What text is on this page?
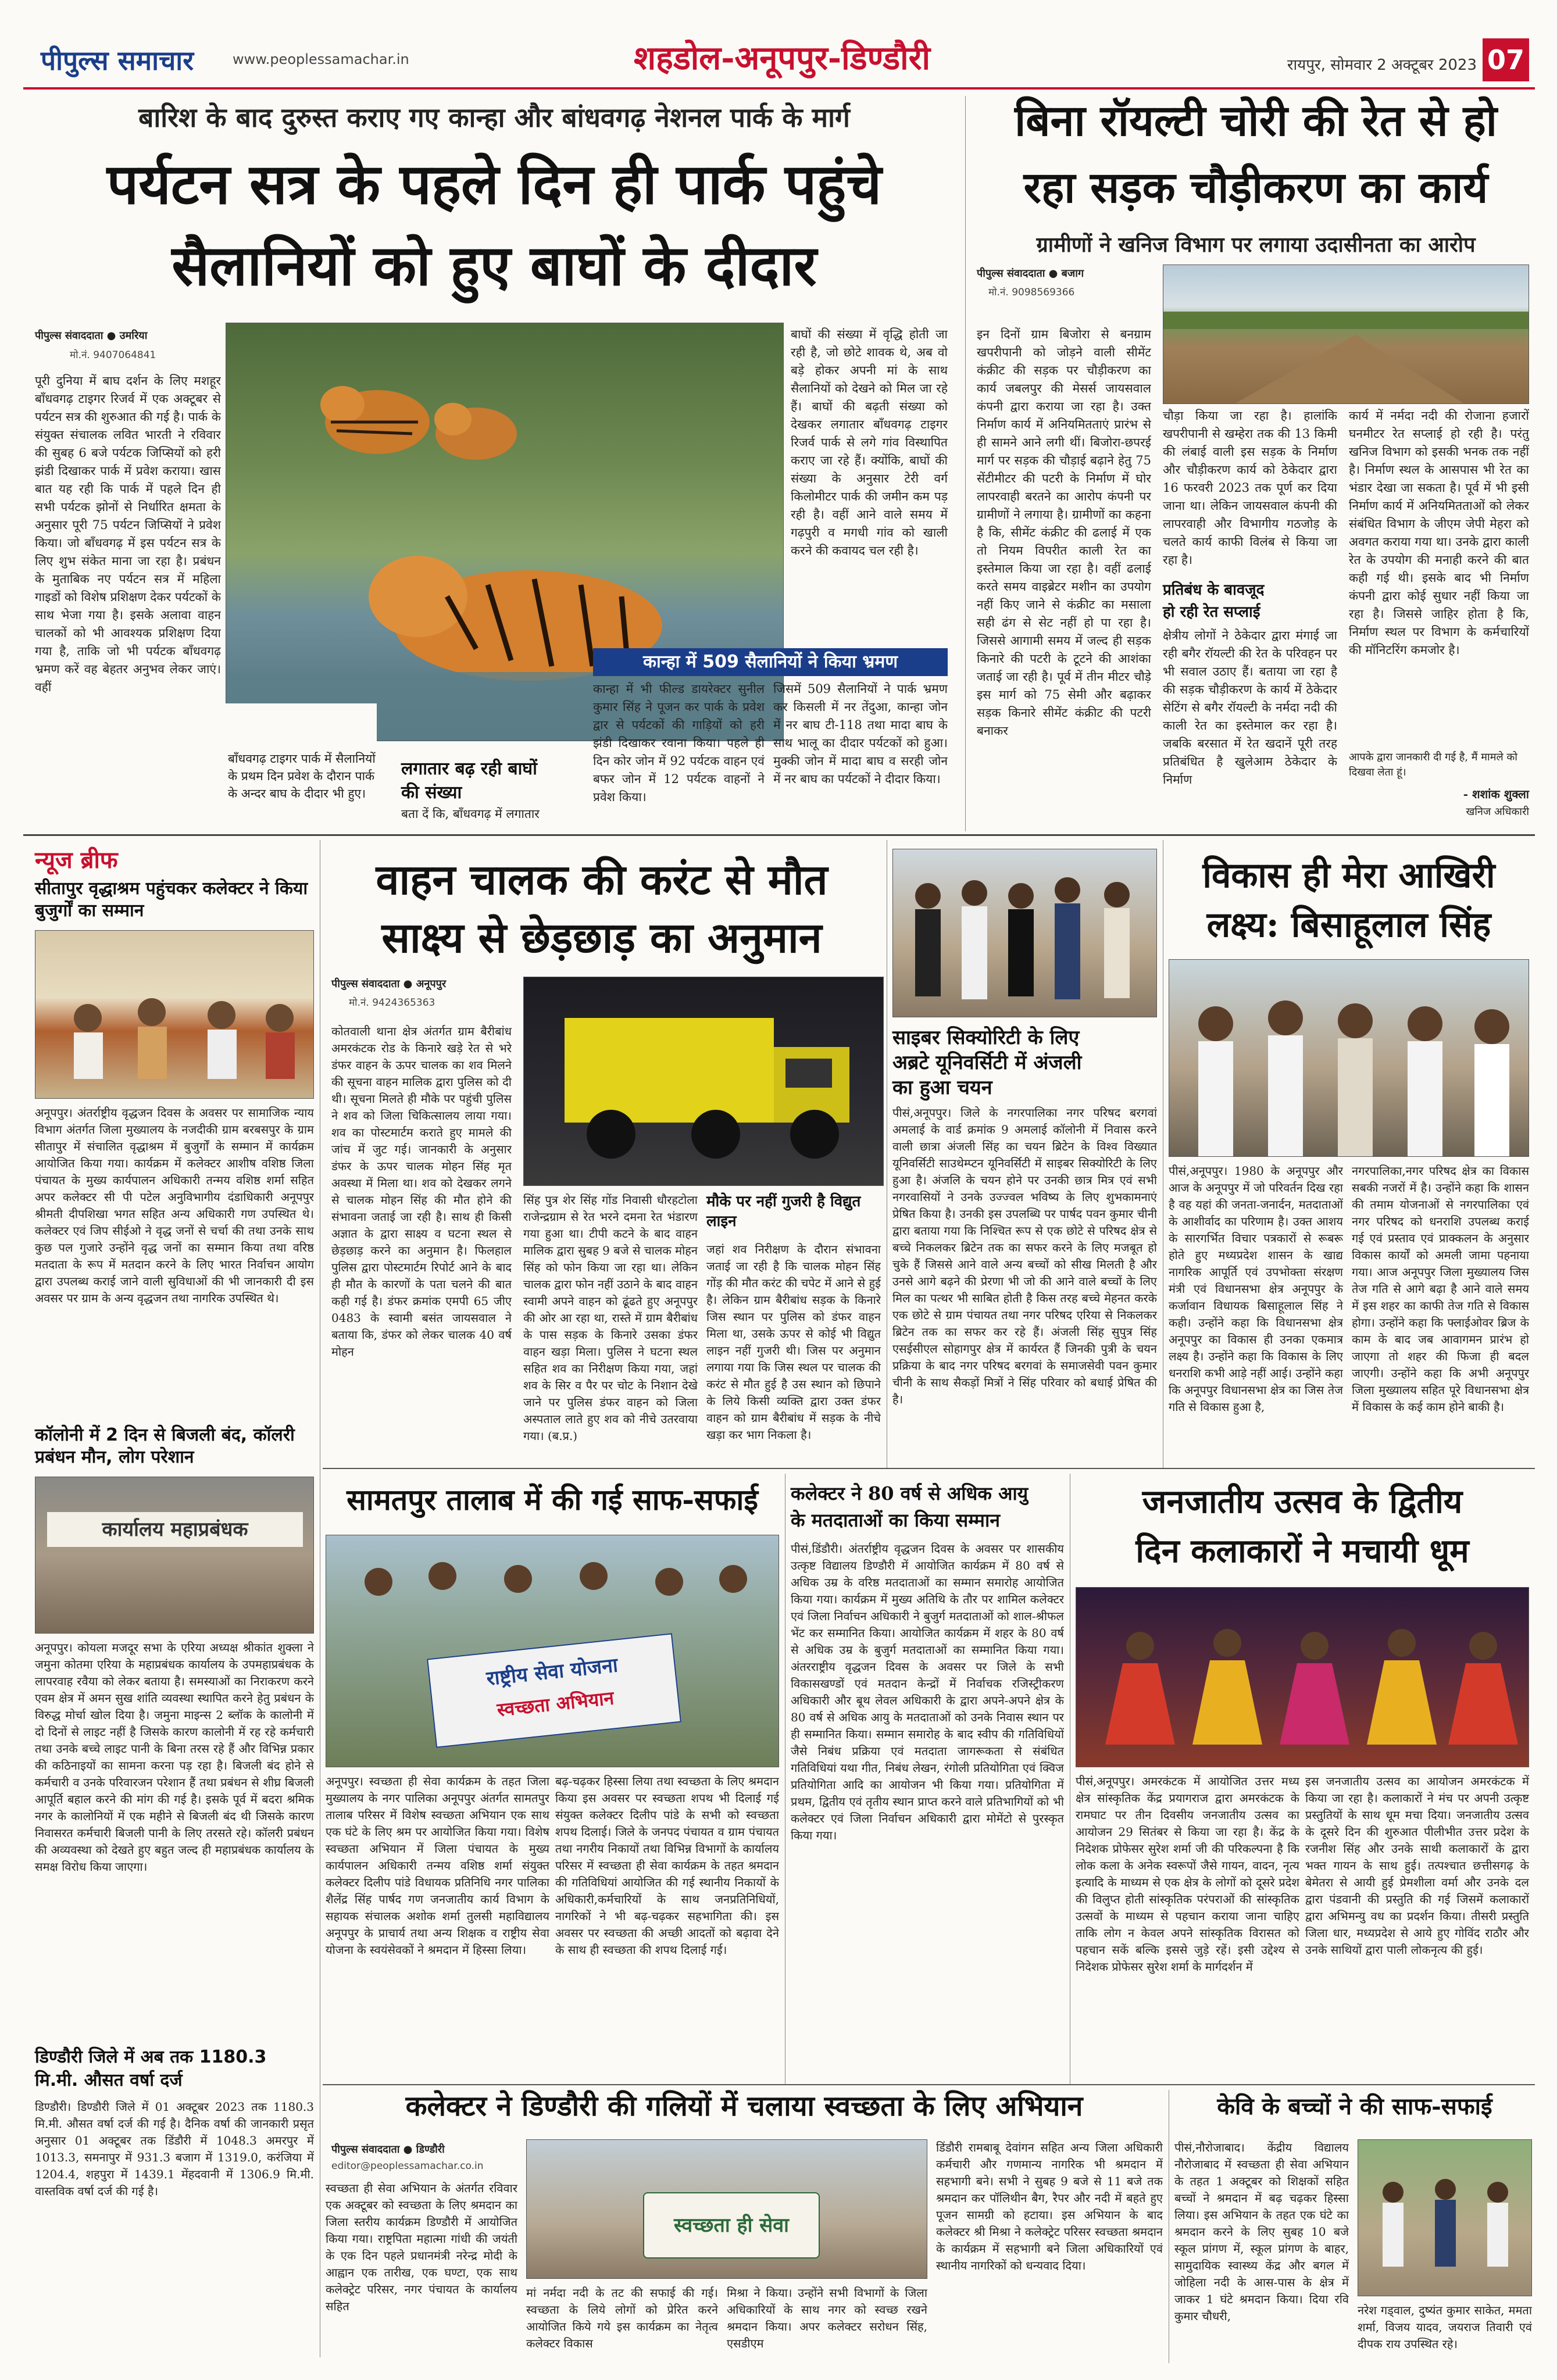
पीपुल्स समाचार	www.peoplessamachar.in	शहडोल-अनूपपुर-डिण्डौरी	रायपुर, सोमवार 2 अक्टूबर 2023 07
बारिश के बाद दुरुस्त कराए गए कान्हा और बांधवगढ़ नेशनल पार्क के मार्ग
पर्यटन सत्र के पहले दिन ही पार्क पहुंचे
सैलानियों को हुए बाघों के दीदार
पीपुल्स संवाददाता ● उमरिया
मो.नं. 9407064841
पूरी दुनिया में बाघ दर्शन के लिए मशहूर बाँधवगढ़ टाइगर रिजर्व में एक अक्टूबर से पर्यटन सत्र की शुरुआत की गई है। पार्क के संयुक्त संचालक लवित भारती ने रविवार की सुबह 6 बजे पर्यटक जिप्सियों को हरी झंडी दिखाकर पार्क में प्रवेश कराया। खास बात यह रही कि पार्क में पहले दिन ही सभी पर्यटक झोनों से निर्धारित क्षमता के अनुसार पूरी 75 पर्यटन जिप्सियों ने प्रवेश किया। जो बाँधवगढ़ में इस पर्यटन सत्र के लिए शुभ संकेत माना जा रहा है। प्रबंधन के मुताबिक नए पर्यटन सत्र में महिला गाइडों को विशेष प्रशिक्षण देकर पर्यटकों के साथ भेजा गया है। इसके अलावा वाहन चालकों को भी आवश्यक प्रशिक्षण दिया गया है, ताकि जो भी पर्यटक बाँधवगढ़ भ्रमण करें वह बेहतर अनुभव लेकर जाएं। वहीं
बाँधवगढ़ टाइगर पार्क में सैलानियों के प्रथम दिन प्रवेश के दौरान पार्क के अन्दर बाघ के दीदार भी हुए।
लगातार बढ़ रही बाघों की संख्या
बता दें कि, बाँधवगढ़ में लगातार
बाघों की संख्या में वृद्धि होती जा रही है, जो छोटे शावक थे, अब वो बड़े होकर अपनी मां के साथ सैलानियों को देखने को मिल जा रहे हैं। बाघों की बढ़ती संख्या को देखकर लगातार बाँधवगढ़ टाइगर रिजर्व पार्क से लगे गांव विस्थापित कराए जा रहे हैं। क्योंकि, बाघों की संख्या के अनुसार टेरी वर्ग किलोमीटर पार्क की जमीन कम पड़ रही है। वहीं आने वाले समय में गढ़पुरी व मगधी गांव को खाली करने की कवायद चल रही है।
कान्हा में 509 सैलानियों ने किया भ्रमण
कान्हा में भी फील्ड डायरेक्टर सुनील कुमार सिंह ने पूजन कर पार्क के प्रवेश द्वार से पर्यटकों की गाड़ियों को हरी झंडी दिखाकर रवाना किया। पहले ही दिन कोर जोन में 92 पर्यटक वाहन एवं बफर जोन में 12 पर्यटक वाहनों ने प्रवेश किया।
जिसमें 509 सैलानियों ने पार्क भ्रमण कर किसली में नर तेंदुआ, कान्हा जोन में नर बाघ टी-118 तथा मादा बाघ के साथ भालू का दीदार पर्यटकों को हुआ। मुक्की जोन में मादा बाघ व सरही जोन में नर बाघ का पर्यटकों ने दीदार किया।
बिना रॉयल्टी चोरी की रेत से हो
रहा सड़क चौड़ीकरण का कार्य
ग्रामीणों ने खनिज विभाग पर लगाया उदासीनता का आरोप
पीपुल्स संवाददाता ● बजाग
मो.नं. 9098569366
इन दिनों ग्राम बिजोरा से बनग्राम खपरीपानी को जोड़ने वाली सीमेंट कंक्रीट की सड़क पर चौड़ीकरण का कार्य जबलपुर की मेसर्स जायसवाल कंपनी द्वारा कराया जा रहा है। उक्त निर्माण कार्य में अनियमितताएं प्रारंभ से ही सामने आने लगी थीं। बिजोरा-छपरई मार्ग पर सड़क की चौड़ाई बढ़ाने हेतु 75 सेंटीमीटर की पटरी के निर्माण में घोर लापरवाही बरतने का आरोप कंपनी पर ग्रामीणों ने लगाया है। ग्रामीणों का कहना है कि, सीमेंट कंक्रीट की ढलाई में एक तो नियम विपरीत काली रेत का इस्तेमाल किया जा रहा है। वहीं ढलाई करते समय वाइब्रेटर मशीन का उपयोग नहीं किए जाने से कंक्रीट का मसाला सही ढंग से सेट नहीं हो पा रहा है। जिससे आगामी समय में जल्द ही सड़क किनारे की पटरी के टूटने की आशंका जताई जा रही है। पूर्व में तीन मीटर चौड़े इस मार्ग को 75 सेमी और बढ़ाकर सड़क किनारे सीमेंट कंक्रीट की पटरी बनाकर
चौड़ा किया जा रहा है। हालांकि खपरीपानी से खम्हेरा तक की 13 किमी की लंबाई वाली इस सड़क के निर्माण और चौड़ीकरण कार्य को ठेकेदार द्वारा 16 फरवरी 2023 तक पूर्ण कर दिया जाना था। लेकिन जायसवाल कंपनी की लापरवाही और विभागीय गठजोड़ के चलते कार्य काफी विलंब से किया जा रहा है।
प्रतिबंध के बावजूद
हो रही रेत सप्लाई
क्षेत्रीय लोगों ने ठेकेदार द्वारा मंगाई जा रही बगैर रॉयल्टी की रेत के परिवहन पर भी सवाल उठाए हैं। बताया जा रहा है की सड़क चौड़ीकरण के कार्य में ठेकेदार सेटिंग से बगैर रॉयल्टी के नर्मदा नदी की काली रेत का इस्तेमाल कर रहा है। जबकि बरसात में रेत खदानें पूरी तरह प्रतिबंधित है खुलेआम ठेकेदार के निर्माण
कार्य में नर्मदा नदी की रोजाना हजारों घनमीटर रेत सप्लाई हो रही है। परंतु खनिज विभाग को इसकी भनक तक नहीं है। निर्माण स्थल के आसपास भी रेत का भंडार देखा जा सकता है। पूर्व में भी इसी निर्माण कार्य में अनियमितताओं को लेकर संबंधित विभाग के जीएम जेपी मेहरा को अवगत कराया गया था। उनके द्वारा काली रेत के उपयोग की मनाही करने की बात कही गई थी। इसके बाद भी निर्माण कंपनी द्वारा कोई सुधार नहीं किया जा रहा है। जिससे जाहिर होता है कि, निर्माण स्थल पर विभाग के कर्मचारियों की मॉनिटरिंग कमजोर है।
आपके द्वारा जानकारी दी गई है, मैं मामले को दिखवा लेता हूं।
- शशांक शुक्ला
खनिज अधिकारी
न्यूज ब्रीफ
सीतापुर वृद्धाश्रम पहुंचकर कलेक्टर ने किया बुजुर्गों का सम्मान
अनूपपुर। अंतर्राष्ट्रीय वृद्धजन दिवस के अवसर पर सामाजिक न्याय विभाग अंतर्गत जिला मुख्यालय के नजदीकी ग्राम बरबसपुर के ग्राम सीतापुर में संचालित वृद्धाश्रम में बुजुर्गों के सम्मान में कार्यक्रम आयोजित किया गया। कार्यक्रम में कलेक्टर आशीष वशिष्ठ जिला पंचायत के मुख्य कार्यपालन अधिकारी तन्मय वशिष्ठ शर्मा सहित अपर कलेक्टर सी पी पटेल अनुविभागीय दंडाधिकारी अनूपपुर श्रीमती दीपशिखा भगत सहित अन्य अधिकारी गण उपस्थित थे। कलेक्टर एवं जिप सीईओ ने वृद्ध जनों से चर्चा की तथा उनके साथ कुछ पल गुजारे उन्होंने वृद्ध जनों का सम्मान किया तथा वरिष्ठ मतदाता के रूप में मतदान करने के लिए भारत निर्वाचन आयोग द्वारा उपलब्ध कराई जाने वाली सुविधाओं की भी जानकारी दी इस अवसर पर ग्राम के अन्य वृद्धजन तथा नागरिक उपस्थित थे।
कॉलोनी में 2 दिन से बिजली बंद, कॉलरी प्रबंधन मौन, लोग परेशान
कार्यालय महाप्रबंधक
अनूपपुर। कोयला मजदूर सभा के एरिया अध्यक्ष श्रीकांत शुक्ला ने जमुना कोतमा एरिया के महाप्रबंधक कार्यालय के उपमहाप्रबंधक के लापरवाह रवैया को लेकर बताया है। समस्याओं का निराकरण करने एवम क्षेत्र में अमन सुख शांति व्यवस्था स्थापित करने हेतु प्रबंधन के विरुद्ध मोर्चा खोल दिया है। जमुना माइन्स 2 ब्लॉक के कालोनी में दो दिनों से लाइट नहीं है जिसके कारण कालोनी में रह रहे कर्मचारी तथा उनके बच्चे लाइट पानी के बिना तरस रहे हैं और विभिन्न प्रकार की कठिनाइयों का सामना करना पड़ रहा है। बिजली बंद होने से कर्मचारी व उनके परिवारजन परेशान हैं तथा प्रबंधन से शीघ्र बिजली आपूर्ति बहाल करने की मांग की गई है। इसके पूर्व में बदरा श्रमिक नगर के कालोनियों में एक महीने से बिजली बंद थी जिसके कारण निवासरत कर्मचारी बिजली पानी के लिए तरसते रहे। कॉलरी प्रबंधन की अव्यवस्था को देखते हुए बहुत जल्द ही महाप्रबंधक कार्यालय के समक्ष विरोध किया जाएगा।
डिण्डौरी जिले में अब तक 1180.3
मि.मी. औसत वर्षा दर्ज
डिण्डौरी। डिण्डौरी जिले में 01 अक्टूबर 2023 तक 1180.3 मि.मी. औसत वर्षा दर्ज की गई है। दैनिक वर्षा की जानकारी प्रसृत अनुसार 01 अक्टूबर तक डिंडौरी में 1048.3 अमरपुर में 1013.3, समनापुर में 931.3 बजाग में 1319.0, करंजिया में 1204.4, शहपुरा में 1439.1 मेंहदवानी में 1306.9 मि.मी. वास्तविक वर्षा दर्ज की गई है।
वाहन चालक की करंट से मौत
साक्ष्य से छेड़छाड़ का अनुमान
पीपुल्स संवाददाता ● अनूपपुर
मो.नं. 9424365363
कोतवाली थाना क्षेत्र अंतर्गत ग्राम बैरीबांध अमरकंटक रोड के किनारे खड़े रेत से भरे डंफर वाहन के ऊपर चालक का शव मिलने की सूचना वाहन मालिक द्वारा पुलिस को दी थी। सूचना मिलते ही मौके पर पहुंची पुलिस ने शव को जिला चिकित्सालय लाया गया। शव का पोस्टमार्टम कराते हुए मामले की जांच में जुट गई। जानकारी के अनुसार डंफर के ऊपर चालक मोहन सिंह मृत अवस्था में मिला था। शव को देखकर लगने से चालक मोहन सिंह की मौत होने की संभावना जताई जा रही है। साथ ही किसी अज्ञात के द्वारा साक्ष्य व घटना स्थल से छेड़छाड़ करने का अनुमान है। फिलहाल पुलिस द्वारा पोस्टमार्टम रिपोर्ट आने के बाद ही मौत के कारणों के पता चलने की बात कही गई है। डंफर क्रमांक एमपी 65 जीए 0483 के स्वामी बसंत जायसवाल ने बताया कि, डंफर को लेकर चालक 40 वर्ष मोहन
सिंह पुत्र शेर सिंह गोंड निवासी धौरहटोला राजेन्द्रग्राम से रेत भरने दमना रेत भंडारण गया हुआ था। टीपी कटने के बाद वाहन मालिक द्वारा सुबह 9 बजे से चालक मोहन सिंह को फोन किया जा रहा था। लेकिन चालक द्वारा फोन नहीं उठाने के बाद वाहन स्वामी अपने वाहन को ढूंढते हुए अनूपपुर की ओर आ रहा था, रास्ते में ग्राम बैरीबांध के पास सड़क के किनारे उसका डंफर वाहन खड़ा मिला। पुलिस ने घटना स्थल सहित शव का निरीक्षण किया गया, जहां शव के सिर व पैर पर चोट के निशान देखे जाने पर पुलिस डंफर वाहन को जिला अस्पताल लाते हुए शव को नीचे उतरवाया गया। (ब.प्र.)
मौके पर नहीं गुजरी है विद्युत लाइन
जहां शव निरीक्षण के दौरान संभावना जताई जा रही है कि चालक मोहन सिंह गोंड़ की मौत करंट की चपेट में आने से हुई है। लेकिन ग्राम बैरीबांध सड़क के किनारे जिस स्थान पर पुलिस को डंफर वाहन मिला था, उसके ऊपर से कोई भी विद्युत लाइन नहीं गुजरी थी। जिस पर अनुमान लगाया गया कि जिस स्थल पर चालक की करंट से मौत हुई है उस स्थान को छिपाने के लिये किसी व्यक्ति द्वारा उक्त डंफर वाहन को ग्राम बैरीबांध में सड़क के नीचे खड़ा कर भाग निकला है।
साइबर सिक्योरिटी के लिए
अब्रटे यूनिवर्सिटी में अंजली
का हुआ चयन
पीसं,अनूपपुर। जिले के नगरपालिका नगर परिषद बरगवां अमलाई के वार्ड क्रमांक 9 अमलाई कॉलोनी में निवास करने वाली छात्रा अंजली सिंह का चयन ब्रिटेन के विश्व विख्यात यूनिवर्सिटी साउथेम्प्टन यूनिवर्सिटी में साइबर सिक्योरिटी के लिए हुआ है। अंजलि के चयन होने पर उनकी छात्र मित्र एवं सभी नगरवासियों ने उनके उज्ज्वल भविष्य के लिए शुभकामनाएं प्रेषित किया है। उनकी इस उपलब्धि पर पार्षद पवन कुमार चीनी द्वारा बताया गया कि निश्चित रूप से एक छोटे से परिषद क्षेत्र से बच्चे निकलकर ब्रिटेन तक का सफर करने के लिए मजबूत हो चुके हैं जिससे आने वाले अन्य बच्चों को सीख मिलती है और उनसे आगे बढ़ने की प्रेरणा भी जो की आने वाले बच्चों के लिए मिल का पत्थर भी साबित होती है किस तरह बच्चे मेहनत करके एक छोटे से ग्राम पंचायत तथा नगर परिषद एरिया से निकलकर ब्रिटेन तक का सफर कर रहे हैं। अंजली सिंह सुपुत्र सिंह एसईसीएल सोहागपुर क्षेत्र में कार्यरत हैं जिनकी पुत्री के चयन प्रक्रिया के बाद नगर परिषद बरगवां के समाजसेवी पवन कुमार चीनी के साथ सैकड़ों मित्रों ने सिंह परिवार को बधाई प्रेषित की है।
विकास ही मेरा आखिरी
लक्ष्य: बिसाहूलाल सिंह
पीसं,अनूपपुर। 1980 के अनूपपुर और आज के अनूपपुर में जो परिवर्तन दिख रहा है वह यहां की जनता-जनार्दन, मतदाताओं के आशीर्वाद का परिणाम है। उक्त आशय के सारगर्भित विचार पत्रकारों से रूबरू होते हुए मध्यप्रदेश शासन के खाद्य नागरिक आपूर्ति एवं उपभोक्ता संरक्षण मंत्री एवं विधानसभा क्षेत्र अनूपपुर के कर्जावान विधायक बिसाहूलाल सिंह ने कही। उन्होंने कहा कि विधानसभा क्षेत्र अनूपपुर का विकास ही उनका एकमात्र लक्ष्य है। उन्होंने कहा कि विकास के लिए धनराशि कभी आड़े नहीं आई। उन्होंने कहा कि अनूपपुर विधानसभा क्षेत्र का जिस तेज गति से विकास हुआ है,
नगरपालिका,नगर परिषद क्षेत्र का विकास सबकी नजरों में है। उन्होंने कहा कि शासन की तमाम योजनाओं से नगरपालिका एवं नगर परिषद को धनराशि उपलब्ध कराई गई एवं प्रस्ताव एवं प्राक्कलन के अनुसार विकास कार्यों को अमली जामा पहनाया गया। आज अनूपपुर जिला मुख्यालय जिस तेज गति से आगे बढ़ा है आने वाले समय में इस शहर का काफी तेज गति से विकास होगा। उन्होंने कहा कि फ्लाईओवर ब्रिज के काम के बाद जब आवागमन प्रारंभ हो जाएगा तो शहर की फिजा ही बदल जाएगी। उन्होंने कहा कि अभी अनूपपुर जिला मुख्यालय सहित पूरे विधानसभा क्षेत्र में विकास के कई काम होने बाकी है।
सामतपुर तालाब में की गई साफ-सफाई
राष्ट्रीय सेवा योजना
स्वच्छता अभियान
अनूपपुर। स्वच्छता ही सेवा कार्यक्रम के तहत जिला मुख्यालय के नगर पालिका अनूपपुर अंतर्गत सामतपुर तालाब परिसर में विशेष स्वच्छता अभियान एक साथ एक घंटे के लिए श्रम पर आयोजित किया गया। विशेष स्वच्छता अभियान में जिला पंचायत के मुख्य कार्यपालन अधिकारी तन्मय वशिष्ठ शर्मा संयुक्त कलेक्टर दिलीप पांडे विधायक प्रतिनिधि नगर पालिका शैलेंद्र सिंह पार्षद गण जनजातीय कार्य विभाग के सहायक संचालक अशोक शर्मा तुलसी महाविद्यालय अनूपपुर के प्राचार्य तथा अन्य शिक्षक व राष्ट्रीय सेवा योजना के स्वयंसेवकों ने श्रमदान में हिस्सा लिया।
बढ़-चढ़कर हिस्सा लिया तथा स्वच्छता के लिए श्रमदान किया इस अवसर पर स्वच्छता शपथ भी दिलाई गई संयुक्त कलेक्टर दिलीप पांडे के सभी को स्वच्छता शपथ दिलाई। जिले के जनपद पंचायत व ग्राम पंचायत तथा नगरीय निकायों तथा विभिन्न विभागों के कार्यालय परिसर में स्वच्छता ही सेवा कार्यक्रम के तहत श्रमदान की गतिविधियां आयोजित की गई स्थानीय निकायों के अधिकारी,कर्मचारियों के साथ जनप्रतिनिधियों, नागरिकों ने भी बढ़-चढ़कर सहभागिता की। इस अवसर पर स्वच्छता की अच्छी आदतों को बढ़ावा देने के साथ ही स्वच्छता की शपथ दिलाई गई।
कलेक्टर ने 80 वर्ष से अधिक आयु
के मतदाताओं का किया सम्मान
पीसं,डिंडौरी। अंतर्राष्ट्रीय वृद्धजन दिवस के अवसर पर शासकीय उत्कृष्ट विद्यालय डिण्डौरी में आयोजित कार्यक्रम में 80 वर्ष से अधिक उम्र के वरिष्ठ मतदाताओं का सम्मान समारोह आयोजित किया गया। कार्यक्रम में मुख्य अतिथि के तौर पर शामिल कलेक्टर एवं जिला निर्वाचन अधिकारी ने बुजुर्ग मतदाताओं को शाल-श्रीफल भेंट कर सम्मानित किया। आयोजित कार्यक्रम में शहर के 80 वर्ष से अधिक उम्र के बुजुर्ग मतदाताओं का सम्मानित किया गया। अंतरराष्ट्रीय वृद्धजन दिवस के अवसर पर जिले के सभी विकासखण्डों एवं मतदान केन्द्रों में निर्वाचक रजिस्ट्रीकरण अधिकारी और बूथ लेवल अधिकारी के द्वारा अपने-अपने क्षेत्र के 80 वर्ष से अधिक आयु के मतदाताओं को उनके निवास स्थान पर ही सम्मानित किया। सम्मान समारोह के बाद स्वीप की गतिविधियों जैसे निबंध प्रक्रिया एवं मतदाता जागरूकता से संबंधित गतिविधियां यथा गीत, निबंध लेखन, रंगोली प्रतियोगिता एवं क्विज प्रतियोगिता आदि का आयोजन भी किया गया। प्रतियोगिता में प्रथम, द्वितीय एवं तृतीय स्थान प्राप्त करने वाले प्रतिभागियों को भी कलेक्टर एवं जिला निर्वाचन अधिकारी द्वारा मोमेंटो से पुरस्कृत किया गया।
जनजातीय उत्सव के द्वितीय
दिन कलाकारों ने मचायी धूम
पीसं,अनूपपुर। अमरकंटक में आयोजित उत्तर मध्य क्षेत्र सांस्कृतिक केंद्र प्रयागराज द्वारा अमरकंटक के रामघाट पर तीन दिवसीय जनजातीय उत्सव का आयोजन 29 सितंबर से किया जा रहा है। केंद्र के निदेशक प्रोफेसर सुरेश शर्मा जी की परिकल्पना है कि लोक कला के अनेक स्वरूपों जैसे गायन, वादन, नृत्य इत्यादि के माध्यम से एक क्षेत्र के लोगों को दूसरे प्रदेश की विलुप्त होती सांस्कृतिक परंपराओं की सांस्कृतिक उत्सवों के माध्यम से पहचान कराया जाना चाहिए ताकि लोग न केवल अपने सांस्कृतिक विरासत को पहचान सकें बल्कि इससे जुड़े रहें। इसी उद्देश्य से निदेशक प्रोफेसर सुरेश शर्मा के मार्गदर्शन में
इस जनजातीय उत्सव का आयोजन अमरकंटक में किया जा रहा है। कलाकारों ने मंच पर अपनी उत्कृष्ट प्रस्तुतियों के साथ धूम मचा दिया। जनजातीय उत्सव के दूसरे दिन की शुरुआत पीलीभीत उत्तर प्रदेश के रजनीश सिंह और उनके साथी कलाकारों के द्वारा भक्त गायन के साथ हुई। तत्पश्चात छत्तीसगढ़ के बेमेतरा से आयी हुई प्रेमशीला वर्मा और उनके दल द्वारा पंडवानी की प्रस्तुति की गई जिसमें कलाकारों द्वारा अभिमन्यु वध का प्रदर्शन किया। तीसरी प्रस्तुति जिला धार, मध्यप्रदेश से आये हुए गोविंद राठौर और उनके साथियों द्वारा पाली लोकनृत्य की हुई।
कलेक्टर ने डिण्डौरी की गलियों में चलाया स्वच्छता के लिए अभियान
पीपुल्स संवाददाता ● डिण्डौरी
editor@peoplessamachar.co.in
स्वच्छता ही सेवा अभियान के अंतर्गत रविवार एक अक्टूबर को स्वच्छता के लिए श्रमदान का जिला स्तरीय कार्यक्रम डिण्डौरी में आयोजित किया गया। राष्ट्रपिता महात्मा गांधी की जयंती के एक दिन पहले प्रधानमंत्री नरेन्द्र मोदी के आह्वान एक तारीख, एक घण्टा, एक साथ कलेक्ट्रेट परिसर, नगर पंचायत के कार्यालय सहित
स्वच्छता ही सेवा
मां नर्मदा नदी के तट की सफाई की गई। स्वच्छता के लिये लोगों को प्रेरित करने आयोजित किये गये इस कार्यक्रम का नेतृत्व कलेक्टर विकास
मिश्रा ने किया। उन्होंने सभी विभागों के जिला अधिकारियों के साथ नगर को स्वच्छ रखने श्रमदान किया। अपर कलेक्टर सरोधन सिंह, एसडीएम
डिंडौरी रामबाबू देवांगन सहित अन्य जिला अधिकारी कर्मचारी और गणमान्य नागरिक भी श्रमदान में सहभागी बने। सभी ने सुबह 9 बजे से 11 बजे तक श्रमदान कर पॉलिथीन बैग, रैपर और नदी में बहते हुए पूजन सामग्री को हटाया। इस अभियान के बाद कलेक्टर श्री मिश्रा ने कलेक्ट्रेट परिसर स्वच्छता श्रमदान के कार्यक्रम में सहभागी बने जिला अधिकारियों एवं स्थानीय नागरिकों को धन्यवाद दिया।
केवि के बच्चों ने की साफ-सफाई
पीसं,नौरोजाबाद। केंद्रीय विद्यालय नौरोजाबाद में स्वच्छता ही सेवा अभियान के तहत 1 अक्टूबर को शिक्षकों सहित बच्चों ने श्रमदान में बढ़ चढ़कर हिस्सा लिया। इस अभियान के तहत एक घंटे का श्रमदान करने के लिए सुबह 10 बजे स्कूल प्रांगण में, स्कूल प्रांगण के बाहर, सामुदायिक स्वास्थ्य केंद्र और बगल में जोहिला नदी के आस-पास के क्षेत्र में जाकर 1 घंटे श्रमदान किया। दिया रवि कुमार चौधरी,	नरेश गड्वाल, दुष्यंत कुमार साकेत, ममता शर्मा, विजय यादव, जयराज तिवारी एवं दीपक राय उपस्थित रहे।
